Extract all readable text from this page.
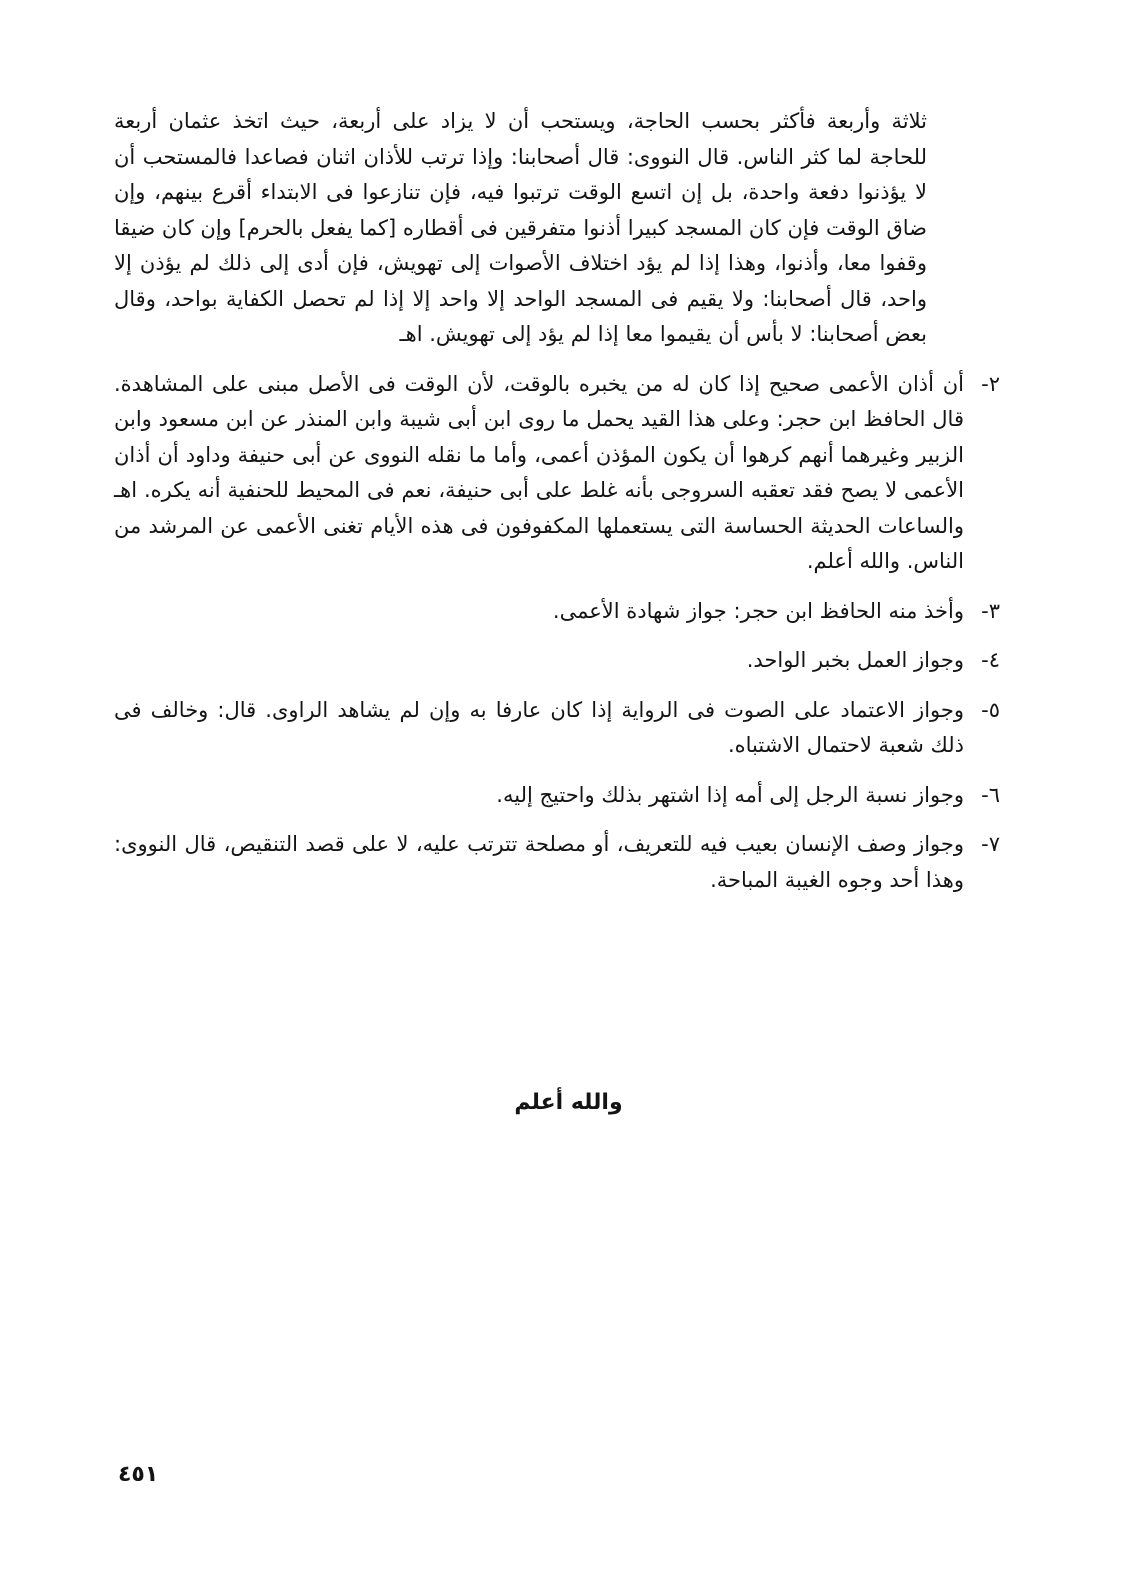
ثلاثة وأربعة فأكثر بحسب الحاجة، ويستحب أن لا يزاد على أربعة، حيث اتخذ عثمان أربعة للحاجة لما كثر الناس. قال النووى: قال أصحابنا: وإذا ترتب للأذان اثنان فصاعدا فالمستحب أن لا يؤذنوا دفعة واحدة، بل إن اتسع الوقت ترتبوا فيه، فإن تنازعوا فى الابتداء أقرع بينهم، وإن ضاق الوقت فإن كان المسجد كبيرا أذنوا متفرقين فى أقطاره [كما يفعل بالحرم] وإن كان ضيقا وقفوا معا، وأذنوا، وهذا إذا لم يؤد اختلاف الأصوات إلى تهويش، فإن أدى إلى ذلك لم يؤذن إلا واحد، قال أصحابنا: ولا يقيم فى المسجد الواحد إلا واحد إلا إذا لم تحصل الكفاية بواحد، وقال بعض أصحابنا: لا بأس أن يقيموا معا إذا لم يؤد إلى تهويش. اهـ

٢-
أن أذان الأعمى صحيح إذا كان له من يخبره بالوقت، لأن الوقت فى الأصل مبنى على المشاهدة. قال الحافظ ابن حجر: وعلى هذا القيد يحمل ما روى ابن أبى شيبة وابن المنذر عن ابن مسعود وابن الزبير وغيرهما أنهم كرهوا أن يكون المؤذن أعمى، وأما ما نقله النووى عن أبى حنيفة وداود أن أذان الأعمى لا يصح فقد تعقبه السروجى بأنه غلط على أبى حنيفة، نعم فى المحيط للحنفية أنه يكره. اهـ والساعات الحديثة الحساسة التى يستعملها المكفوفون فى هذه الأيام تغنى الأعمى عن المرشد من الناس. والله أعلم.
٣-
وأخذ منه الحافظ ابن حجر: جواز شهادة الأعمى.
٤-
وجواز العمل بخبر الواحد.
٥-
وجواز الاعتماد على الصوت فى الرواية إذا كان عارفا به وإن لم يشاهد الراوى. قال: وخالف فى ذلك شعبة لاحتمال الاشتباه.
٦-
وجواز نسبة الرجل إلى أمه إذا اشتهر بذلك واحتيج إليه.
٧-
وجواز وصف الإنسان بعيب فيه للتعريف، أو مصلحة تترتب عليه، لا على قصد التنقيص، قال النووى: وهذا أحد وجوه الغيبة المباحة.
والله أعلم
٤٥١
